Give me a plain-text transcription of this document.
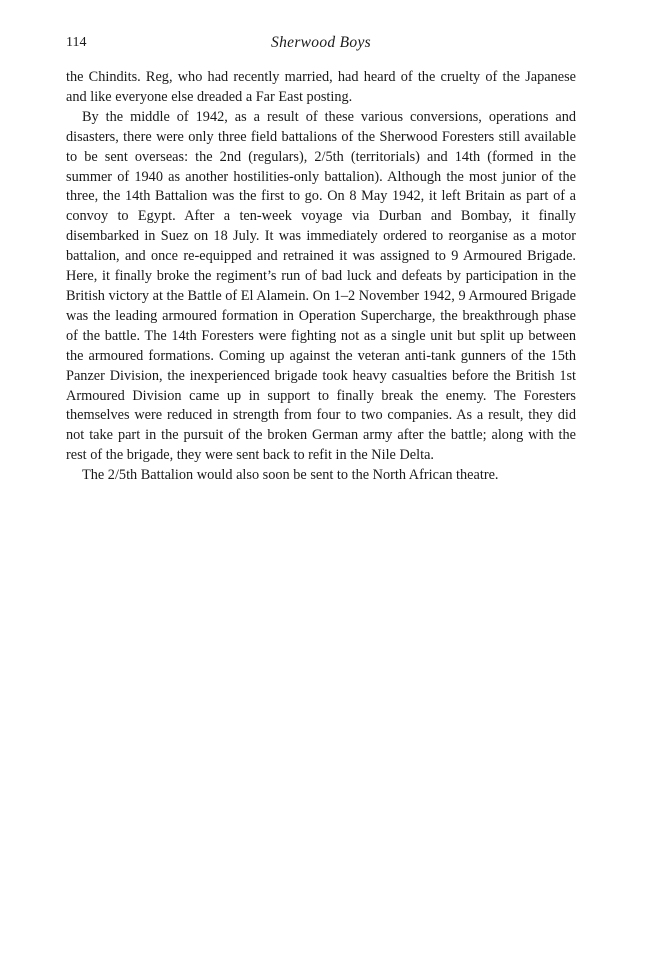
114	Sherwood Boys

the Chindits. Reg, who had recently married, had heard of the cruelty of the Japanese and like everyone else dreaded a Far East posting.

By the middle of 1942, as a result of these various conversions, operations and disasters, there were only three field battalions of the Sherwood Foresters still available to be sent overseas: the 2nd (regulars), 2/5th (territorials) and 14th (formed in the summer of 1940 as another hostilities-only battalion). Although the most junior of the three, the 14th Battalion was the first to go. On 8 May 1942, it left Britain as part of a convoy to Egypt. After a ten-week voyage via Durban and Bombay, it finally disembarked in Suez on 18 July. It was immediately ordered to reorganise as a motor battalion, and once re-equipped and retrained it was assigned to 9 Armoured Brigade. Here, it finally broke the regiment’s run of bad luck and defeats by participation in the British victory at the Battle of El Alamein. On 1–2 November 1942, 9 Armoured Brigade was the leading armoured formation in Operation Supercharge, the breakthrough phase of the battle. The 14th Foresters were fighting not as a single unit but split up between the armoured formations. Coming up against the veteran anti-tank gunners of the 15th Panzer Division, the inexperienced brigade took heavy casualties before the British 1st Armoured Division came up in support to finally break the enemy. The Foresters themselves were reduced in strength from four to two companies. As a result, they did not take part in the pursuit of the broken German army after the battle; along with the rest of the brigade, they were sent back to refit in the Nile Delta.

The 2/5th Battalion would also soon be sent to the North African theatre.
